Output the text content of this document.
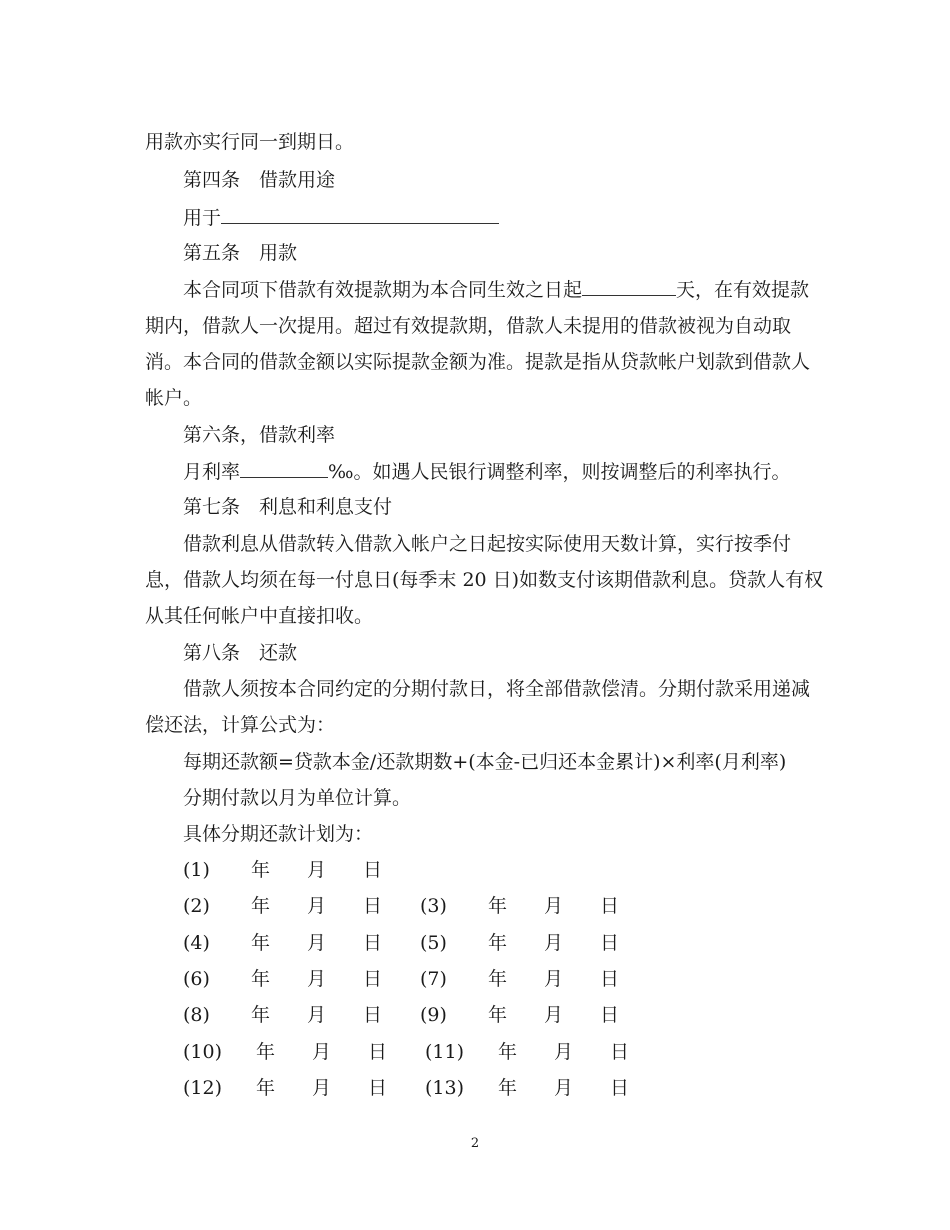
用款亦实行同一到期日。
第四条　借款用途
用于
第五条　用款
本合同项下借款有效提款期为本合同生效之日起	天，在有效提款
期内，借款人一次提用。超过有效提款期，借款人未提用的借款被视为自动取
消。本合同的借款金额以实际提款金额为准。提款是指从贷款帐户划款到借款人
帐户。
第六条，借款利率
月利率	‰。如遇人民银行调整利率，则按调整后的利率执行。
第七条　利息和利息支付
借款利息从借款转入借款入帐户之日起按实际使用天数计算，实行按季付
息，借款人均须在每一付息日(每季末 20 日)如数支付该期借款利息。贷款人有权
从其任何帐户中直接扣收。
第八条　还款
借款人须按本合同约定的分期付款日，将全部借款偿清。分期付款采用递减
偿还法，计算公式为：
每期还款额=贷款本金/还款期数+(本金-已归还本金累计)×利率(月利率)
分期付款以月为单位计算。
具体分期还款计划为：
(1) 年 月 日
(2) 年 月 日 (3) 年 月 日
(4) 年 月 日 (5) 年 月 日
(6) 年 月 日 (7) 年 月 日
(8) 年 月 日 (9) 年 月 日
(10) 年 月 日 (11) 年 月 日
(12) 年 月 日 (13) 年 月 日
2
